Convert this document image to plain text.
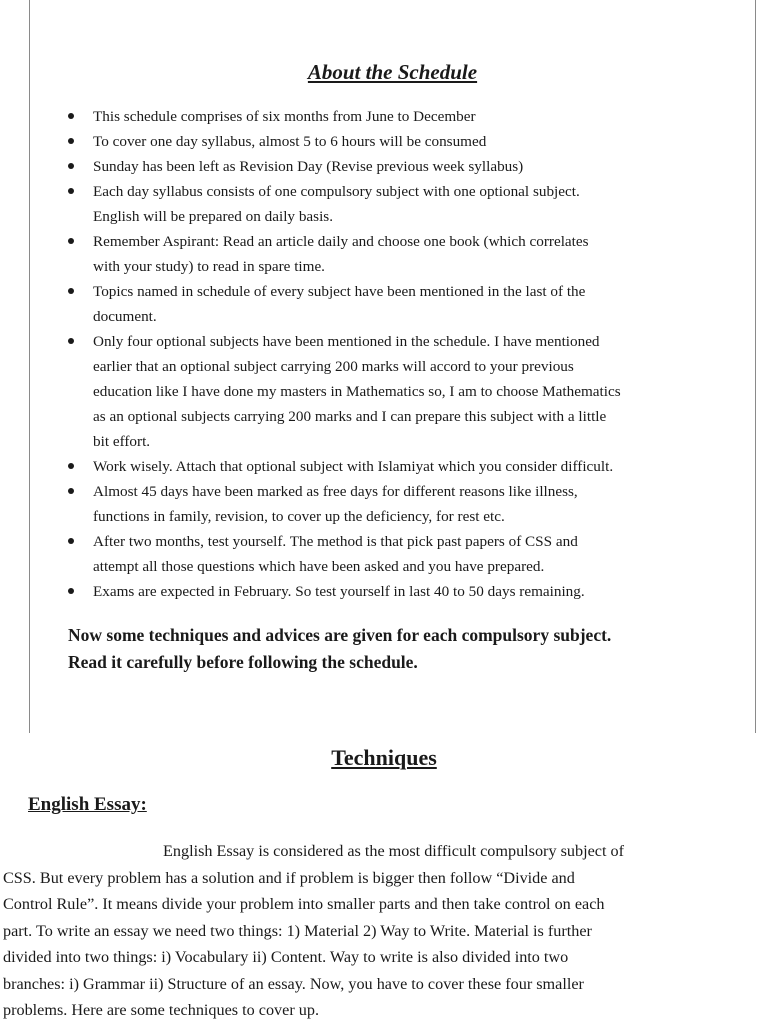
About the Schedule
This schedule comprises of six months from June to December
To cover one day syllabus, almost 5 to 6 hours will be consumed
Sunday has been left as Revision Day (Revise previous week syllabus)
Each day syllabus consists of one compulsory subject with one optional subject.
English will be prepared on daily basis.
Remember Aspirant: Read an article daily and choose one book (which correlates
with your study) to read in spare time.
Topics named in schedule of every subject have been mentioned in the last of the
document.
Only four optional subjects have been mentioned in the schedule. I have mentioned
earlier that an optional subject carrying 200 marks will accord to your previous
education like I have done my masters in Mathematics so, I am to choose Mathematics
as an optional subjects carrying 200 marks and I can prepare this subject with a little
bit effort.
Work wisely. Attach that optional subject with Islamiyat which you consider difficult.
Almost 45 days have been marked as free days for different reasons like illness,
functions in family, revision, to cover up the deficiency, for rest etc.
After two months, test yourself. The method is that pick past papers of CSS and
attempt all those questions which have been asked and you have prepared.
Exams are expected in February. So test yourself in last 40 to 50 days remaining.
Now some techniques and advices are given for each compulsory subject.
Read it carefully before following the schedule.
Techniques
English Essay:
English Essay is considered as the most difficult compulsory subject of
CSS. But every problem has a solution and if problem is bigger then follow “Divide and
Control Rule”. It means divide your problem into smaller parts and then take control on each
part. To write an essay we need two things: 1) Material 2) Way to Write. Material is further
divided into two things: i) Vocabulary ii) Content. Way to write is also divided into two
branches: i) Grammar ii) Structure of an essay. Now, you have to cover these four smaller
problems. Here are some techniques to cover up.
